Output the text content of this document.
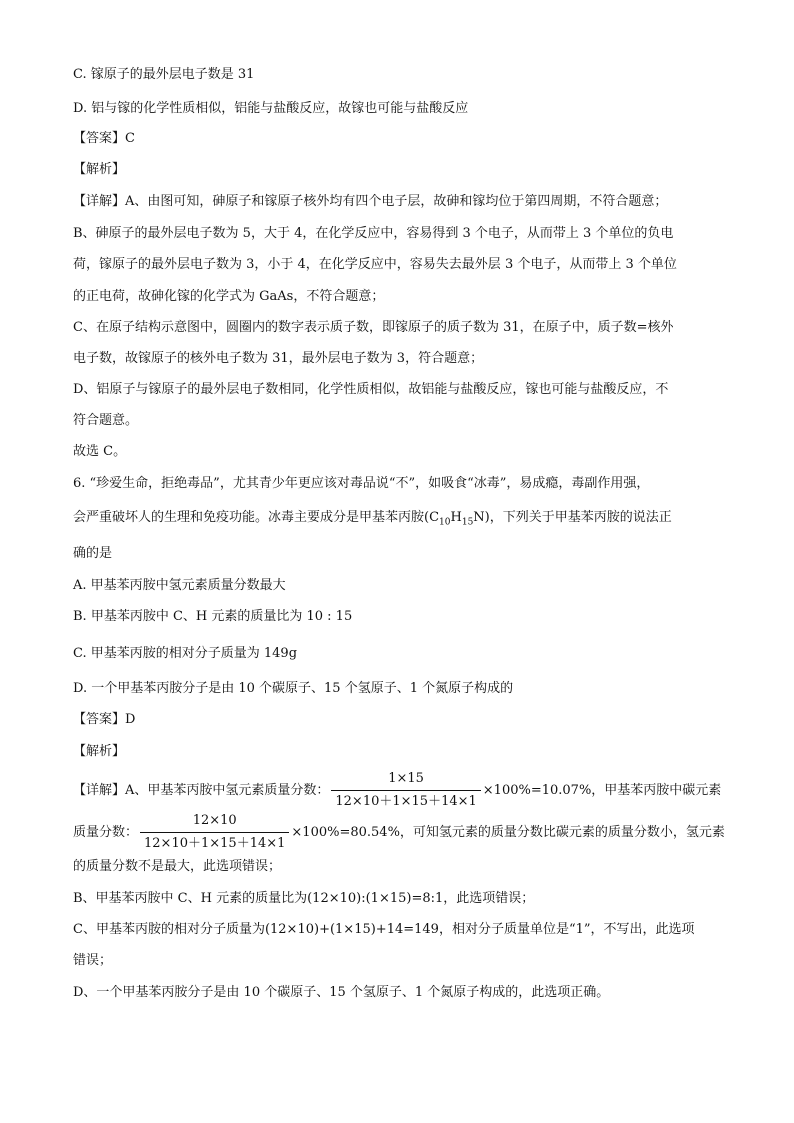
C. 镓原子的最外层电子数是 31
D. 铝与镓的化学性质相似，铝能与盐酸反应，故镓也可能与盐酸反应
【答案】C
【解析】
【详解】A、由图可知，砷原子和镓原子核外均有四个电子层，故砷和镓均位于第四周期，不符合题意；
B、砷原子的最外层电子数为 5，大于 4，在化学反应中，容易得到 3 个电子，从而带上 3 个单位的负电
荷，镓原子的最外层电子数为 3，小于 4，在化学反应中，容易失去最外层 3 个电子，从而带上 3 个单位
的正电荷，故砷化镓的化学式为 GaAs，不符合题意；
C、在原子结构示意图中，圆圈内的数字表示质子数，即镓原子的质子数为 31，在原子中，质子数=核外
电子数，故镓原子的核外电子数为 31，最外层电子数为 3，符合题意；
D、铝原子与镓原子的最外层电子数相同，化学性质相似，故铝能与盐酸反应，镓也可能与盐酸反应，不
符合题意。
故选 C。
6. “珍爱生命，拒绝毒品”，尤其青少年更应该对毒品说“不”，如吸食“冰毒”，易成瘾，毒副作用强，
会严重破坏人的生理和免疫功能。冰毒主要成分是甲基苯丙胺$(C_{10}H_{15}N)$，下列关于甲基苯丙胺的说法正
确的是
A. 甲基苯丙胺中氢元素质量分数最大
B. 甲基苯丙胺中 C、H 元素的质量比为 10 : 15
C. 甲基苯丙胺的相对分子质量为 149g
D. 一个甲基苯丙胺分子是由 10 个碳原子、15 个氢原子、1 个氮原子构成的
【答案】D
【解析】
【详解】A、甲基苯丙胺中氢元素质量分数： $\frac{1\times 15}{12\times 10+1\times 15+14\times 1} \times 100\%=10.07\%$，甲基苯丙胺中碳元素
质量分数： $\frac{12\times 10}{12\times 10+1\times 15+14\times 1} \times 100\%=80.54\%$，可知氢元素的质量分数比碳元素的质量分数小，氢元素
的质量分数不是最大，此选项错误；
B、甲基苯丙胺中 C、H 元素的质量比为(12×10):(1×15)=8:1，此选项错误；
C、甲基苯丙胺的相对分子质量为(12×10)+(1×15)+14=149，相对分子质量单位是“1”，不写出，此选项
错误；
D、一个甲基苯丙胺分子是由 10 个碳原子、15 个氢原子、1 个氮原子构成的，此选项正确。
